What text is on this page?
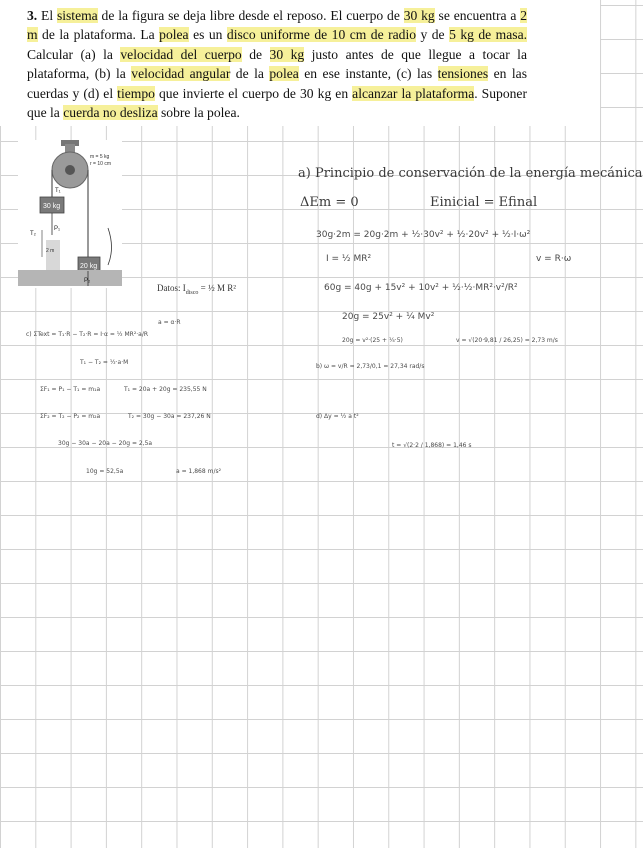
3. El sistema de la figura se deja libre desde el reposo. El cuerpo de 30 kg se encuentra a 2 m de la plataforma. La polea es un disco uniforme de 10 cm de radio y de 5 kg de masa. Calcular (a) la velocidad del cuerpo de 30 kg justo antes de que llegue a tocar la plataforma, (b) la velocidad angular de la polea en ese instante, (c) las tensiones en las cuerdas y (d) el tiempo que invierte el cuerpo de 30 kg en alcanzar la plataforma. Suponer que la cuerda no desliza sobre la polea.

m = 5 kg
r = 10 cm
30 kg
20 kg
2 m
T₁
T₂
P₁
P₂
Datos: $I_{disco}$ = ½ M R²
a) Principio de conservación de la energía mecánica
ΔEm = 0	Einicial = Efinal
30g·2m = 20g·2m + ½·30v² + ½·20v² + ½·I·ω²
I = ½ MR²	v = R·ω
60g = 40g + 15v² + 10v² + ½·½·MR²·v²/R²
20g = 25v² + ¼ Mv²
20g = v²·(25 + ¼·5)	v = √(20·9,81 / 26,25) = 2,73 m/s
b) ω = v/R = 2,73/0,1 = 27,34 rad/s
a = α·R
c) ΣText = T₁·R − T₂·R = I·α = ½ MR²·a/R
T₁ − T₂ = ½·a·M
ΣF₁ = P₁ − T₁ = m₁a	T₁ = 20a + 20g = 235,55 N
ΣF₂ = T₂ − P₂ = m₂a	T₂ = 30g − 30a = 237,26 N
30g − 30a − 20a − 20g = 2,5a
10g = 52,5a	a = 1,868 m/s²
d) Δy = ½ a t²
t = √(2·2 / 1,868) = 1,46 s
